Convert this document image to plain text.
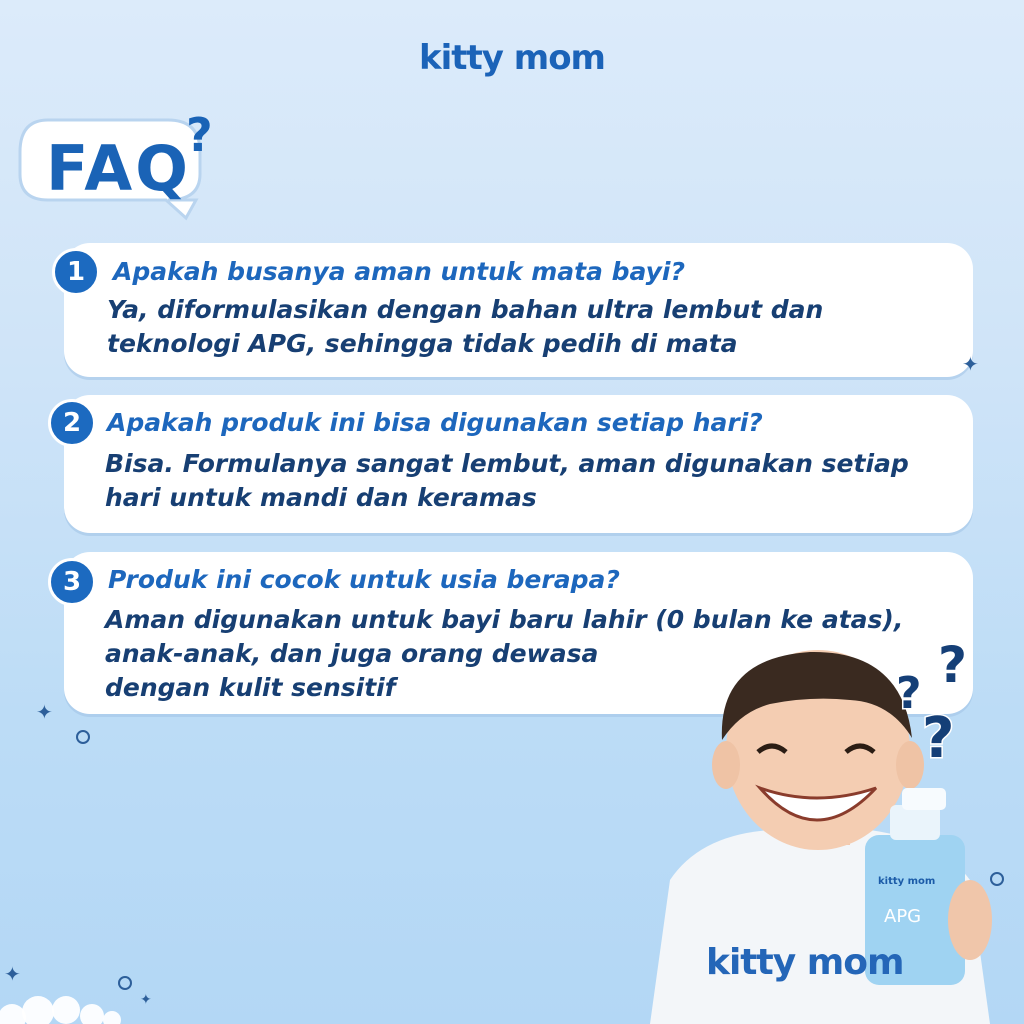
kitty mom
FAQ
?
1	Apakah busanya aman untuk mata bayi?
Ya, diformulasikan dengan bahan ultra lembut dan
teknologi APG, sehingga tidak pedih di mata
2	Apakah produk ini bisa digunakan setiap hari?
Bisa. Formulanya sangat lembut, aman digunakan setiap
hari untuk mandi dan keramas
3	Produk ini cocok untuk usia berapa?
Aman digunakan untuk bayi baru lahir (0 bulan ke atas),
anak-anak, dan juga orang dewasa
dengan kulit sensitif
✦
✦
✦
✦
kitty mom
kitty mom
APG
?
?
?
